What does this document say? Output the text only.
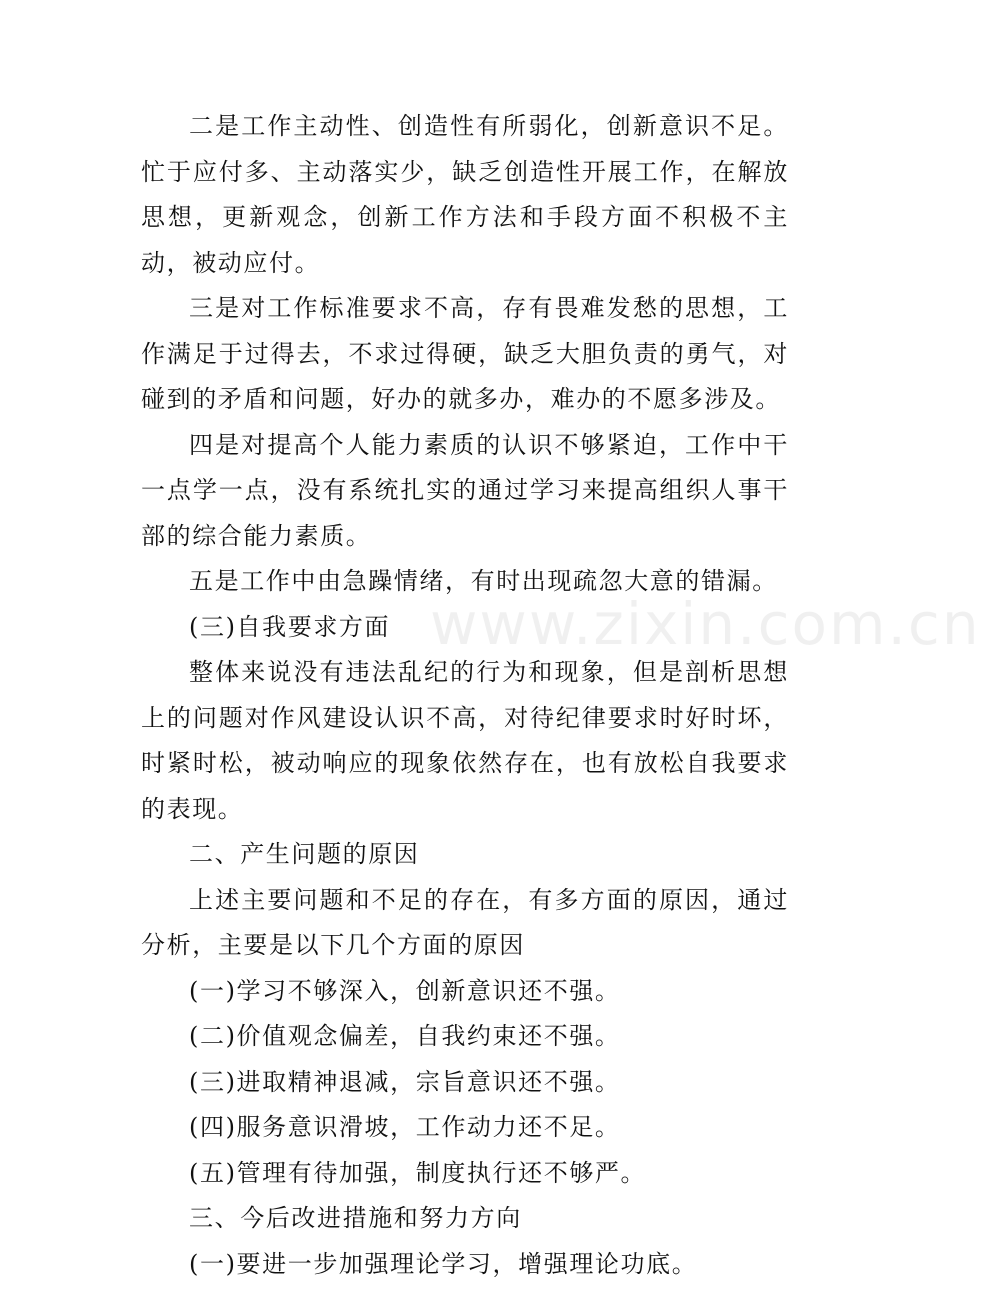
二是工作主动性、创造性有所弱化，创新意识不足。忙于应付多、主动落实少，缺乏创造性开展工作，在解放思想，更新观念，创新工作方法和手段方面不积极不主动，被动应付。

三是对工作标准要求不高，存有畏难发愁的思想，工作满足于过得去，不求过得硬，缺乏大胆负责的勇气，对碰到的矛盾和问题，好办的就多办，难办的不愿多涉及。

四是对提高个人能力素质的认识不够紧迫，工作中干一点学一点，没有系统扎实的通过学习来提高组织人事干部的综合能力素质。

五是工作中由急躁情绪，有时出现疏忽大意的错漏。

(三)自我要求方面

整体来说没有违法乱纪的行为和现象，但是剖析思想上的问题对作风建设认识不高，对待纪律要求时好时坏，时紧时松，被动响应的现象依然存在，也有放松自我要求的表现。

二、产生问题的原因

上述主要问题和不足的存在，有多方面的原因，通过分析，主要是以下几个方面的原因

(一)学习不够深入，创新意识还不强。

(二)价值观念偏差，自我约束还不强。

(三)进取精神退减，宗旨意识还不强。

(四)服务意识滑坡，工作动力还不足。

(五)管理有待加强，制度执行还不够严。

三、今后改进措施和努力方向

(一)要进一步加强理论学习，增强理论功底。

www.zixin.com.cn
